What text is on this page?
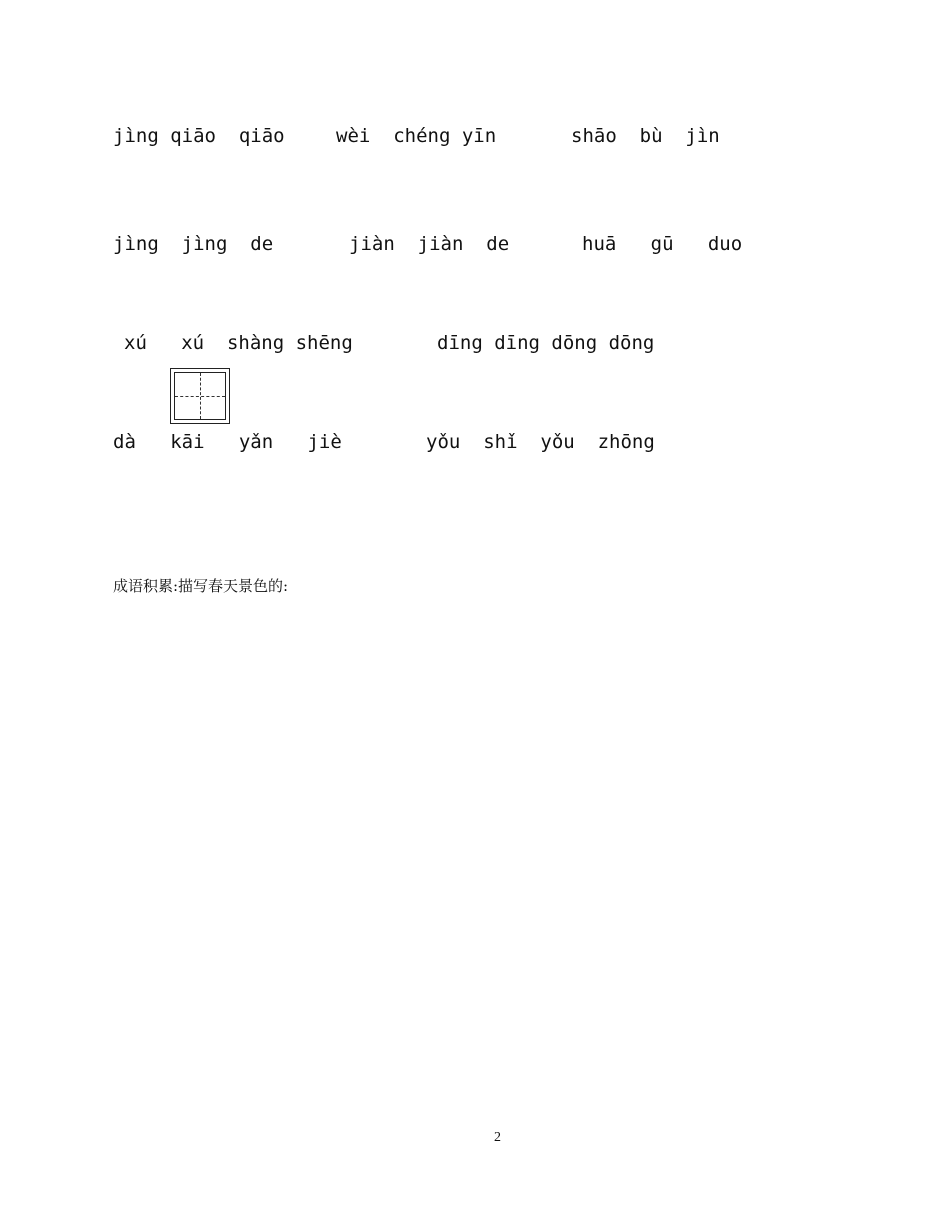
jìng qiāo  qiāo	wèi  chéng yīn	shāo  bù  jìn
jìng  jìng  de	jiàn  jiàn  de	huā   gū   duo
xú   xú  shàng shēng	dīng dīng dōng dōng
dà   kāi   yǎn   jiè	yǒu  shǐ  yǒu  zhōng
成语积累:描写春天景色的:
2
